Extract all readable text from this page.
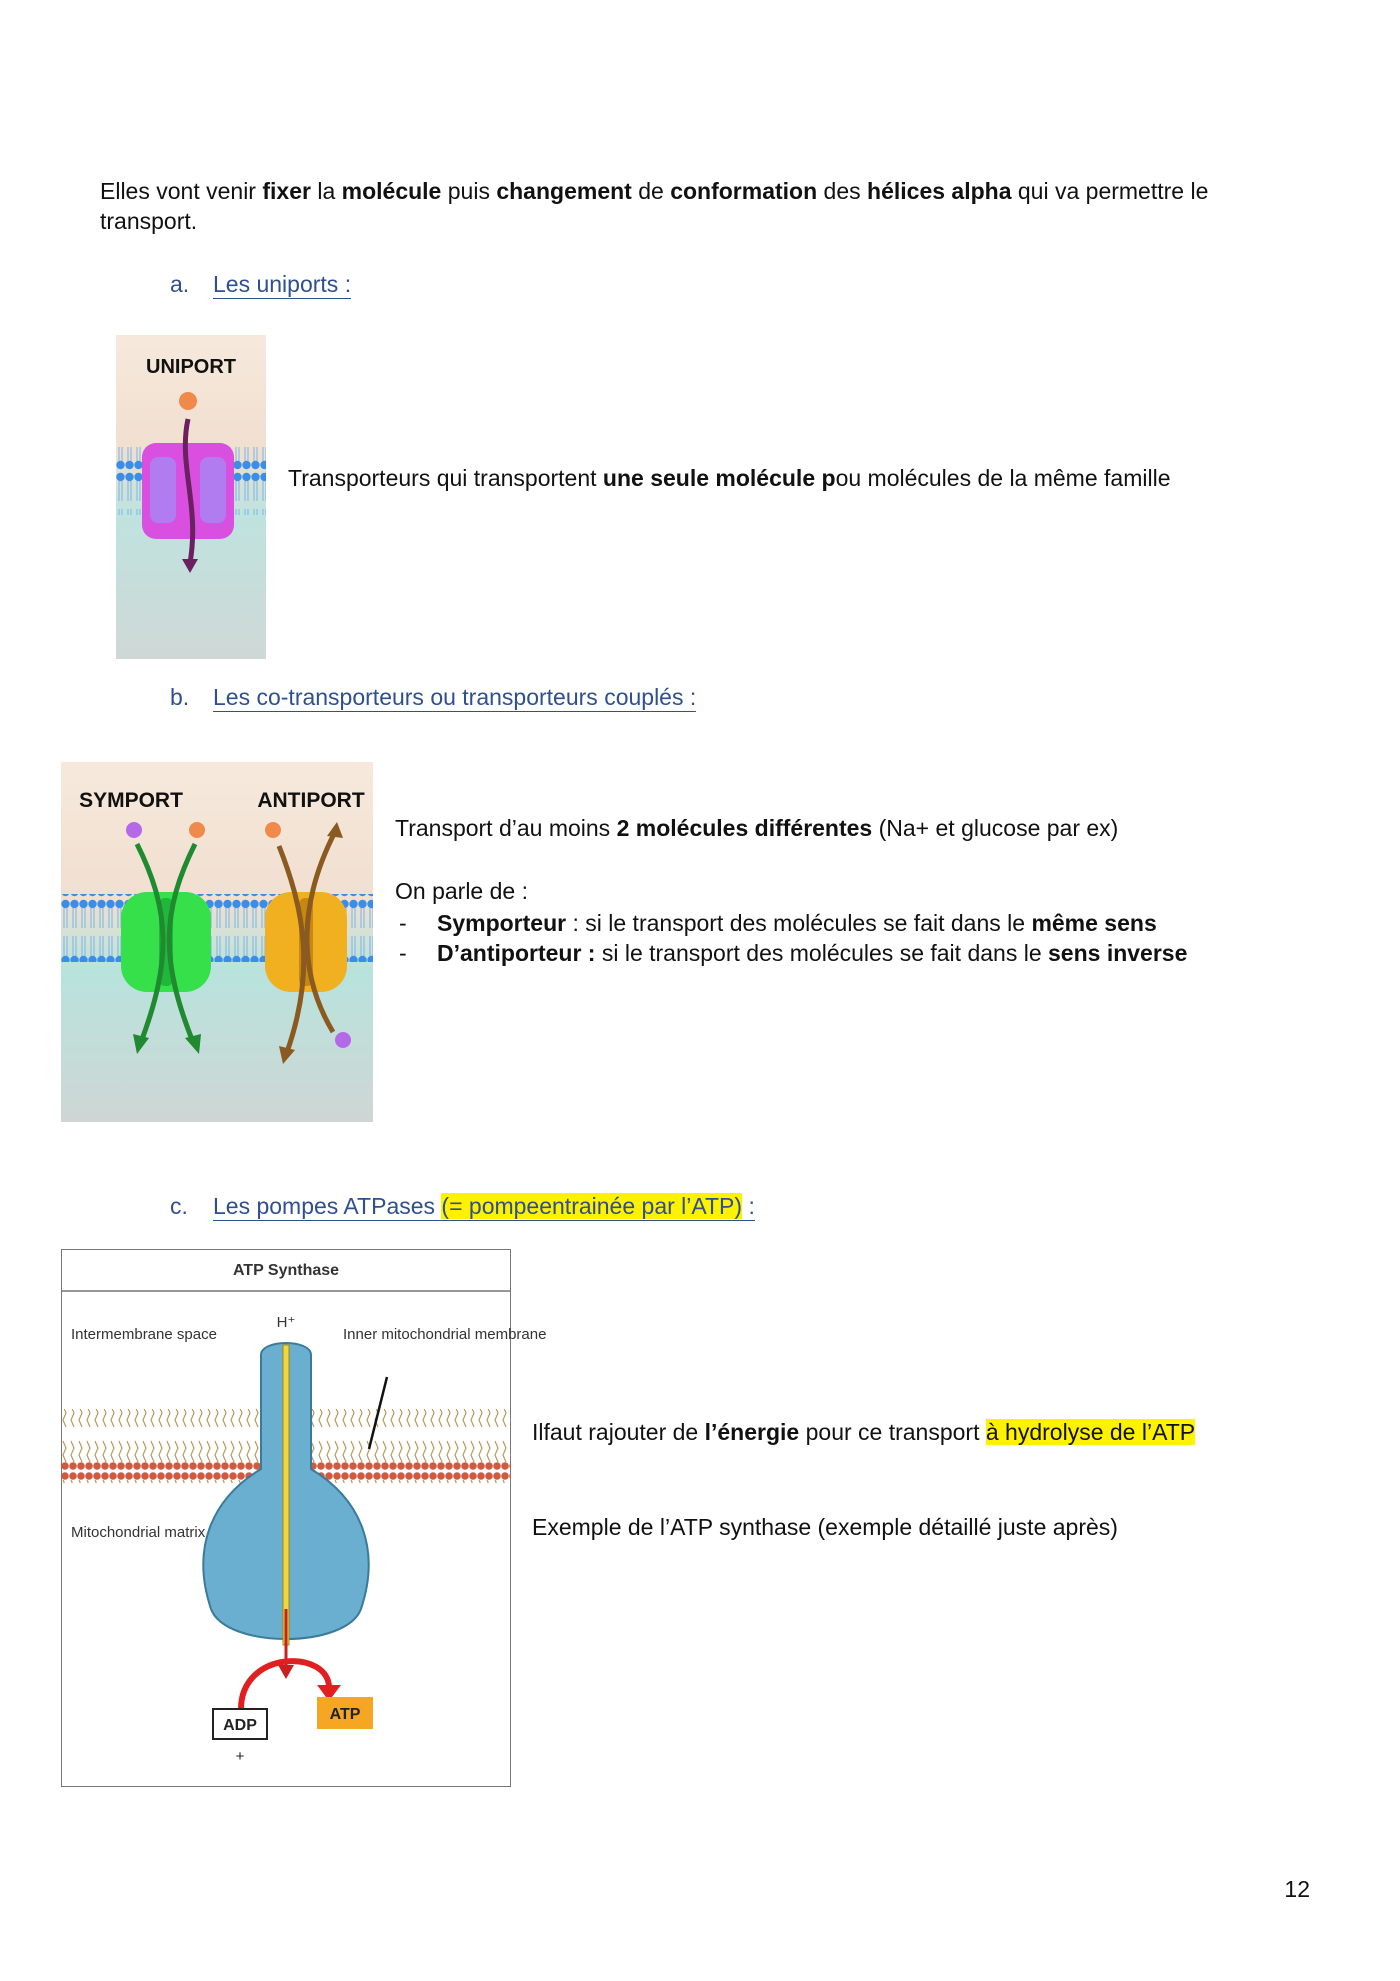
Elles vont venir fixer la molécule puis changement de conformation des hélices alpha qui va permettre le transport.
a. Les uniports :
UNIPORT
Transporteurs qui transportent une seule molécule pou molécules de la même famille
b. Les co-transporteurs ou transporteurs couplés :
SYMPORT	ANTIPORT
Transport d’au moins 2 molécules différentes (Na+ et glucose par ex)
On parle de :
- Symporteur : si le transport des molécules se fait dans le même sens
- D’antiporteur : si le transport des molécules se fait dans le sens inverse
c. Les pompes ATPases (= pompeentrainée par l’ATP) :
ATP Synthase
H⁺
Intermembrane space	Inner mitochondrial membrane
Mitochondrial matrix
ADP
+
ATP
Ilfaut rajouter de l’énergie pour ce transport à hydrolyse de l’ATP
Exemple de l’ATP synthase (exemple détaillé juste après)
12
